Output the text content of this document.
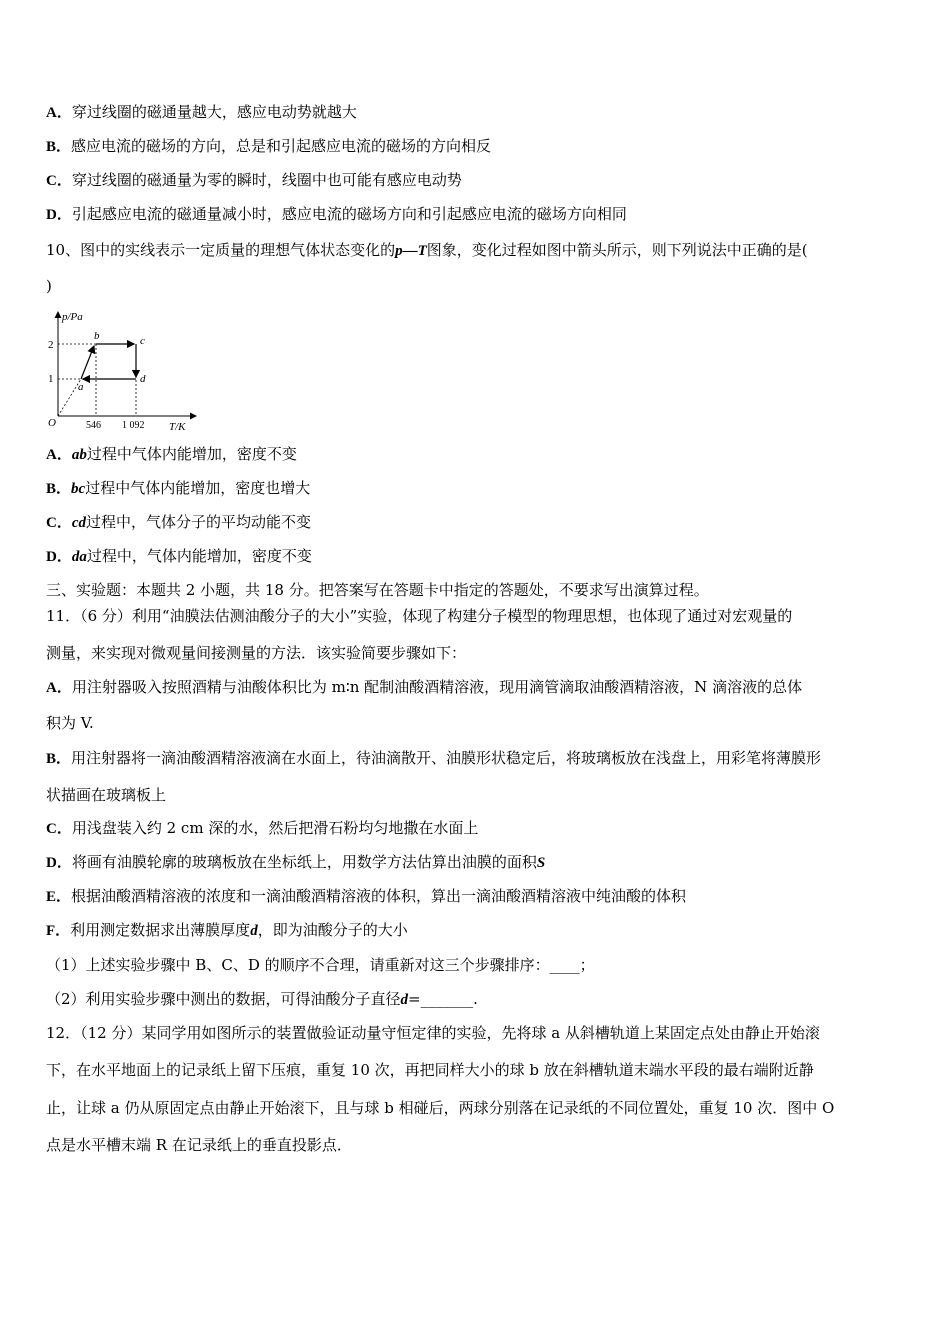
A．穿过线圈的磁通量越大，感应电动势就越大
B．感应电流的磁场的方向，总是和引起感应电流的磁场的方向相反
C．穿过线圈的磁通量为零的瞬时，线圈中也可能有感应电动势
D．引起感应电流的磁通量减小时，感应电流的磁场方向和引起感应电流的磁场方向相同
10、图中的实线表示一定质量的理想气体状态变化的p—T图象，变化过程如图中箭头所示，则下列说法中正确的是(
)
p/Pa
T/K
O
2
1
546 1 092
a
b	c
d
A．ab过程中气体内能增加，密度不变
B．bc过程中气体内能增加，密度也增大
C．cd过程中，气体分子的平均动能不变
D．da过程中，气体内能增加，密度不变
三、实验题：本题共 2 小题，共 18 分。把答案写在答题卡中指定的答题处，不要求写出演算过程。
11．（6 分）利用“油膜法估测油酸分子的大小”实验，体现了构建分子模型的物理思想，也体现了通过对宏观量的
测量，来实现对微观量间接测量的方法．该实验简要步骤如下：
A．用注射器吸入按照酒精与油酸体积比为 m∶n 配制油酸酒精溶液，现用滴管滴取油酸酒精溶液，N 滴溶液的总体
积为 V.
B．用注射器将一滴油酸酒精溶液滴在水面上，待油滴散开、油膜形状稳定后，将玻璃板放在浅盘上，用彩笔将薄膜形
状描画在玻璃板上
C．用浅盘装入约 2 cm 深的水，然后把滑石粉均匀地撒在水面上
D．将画有油膜轮廓的玻璃板放在坐标纸上，用数学方法估算出油膜的面积S
E．根据油酸酒精溶液的浓度和一滴油酸酒精溶液的体积，算出一滴油酸酒精溶液中纯油酸的体积
F．利用测定数据求出薄膜厚度d，即为油酸分子的大小
（1）上述实验步骤中 B、C、D 的顺序不合理，请重新对这三个步骤排序：____；
（2）利用实验步骤中测出的数据，可得油酸分子直径d=_______.
12．（12 分）某同学用如图所示的装置做验证动量守恒定律的实验，先将球 a 从斜槽轨道上某固定点处由静止开始滚
下，在水平地面上的记录纸上留下压痕，重复 10 次，再把同样大小的球 b 放在斜槽轨道末端水平段的最右端附近静
止，让球 a 仍从原固定点由静止开始滚下，且与球 b 相碰后，两球分别落在记录纸的不同位置处，重复 10 次．图中 O
点是水平槽末端 R 在记录纸上的垂直投影点．
